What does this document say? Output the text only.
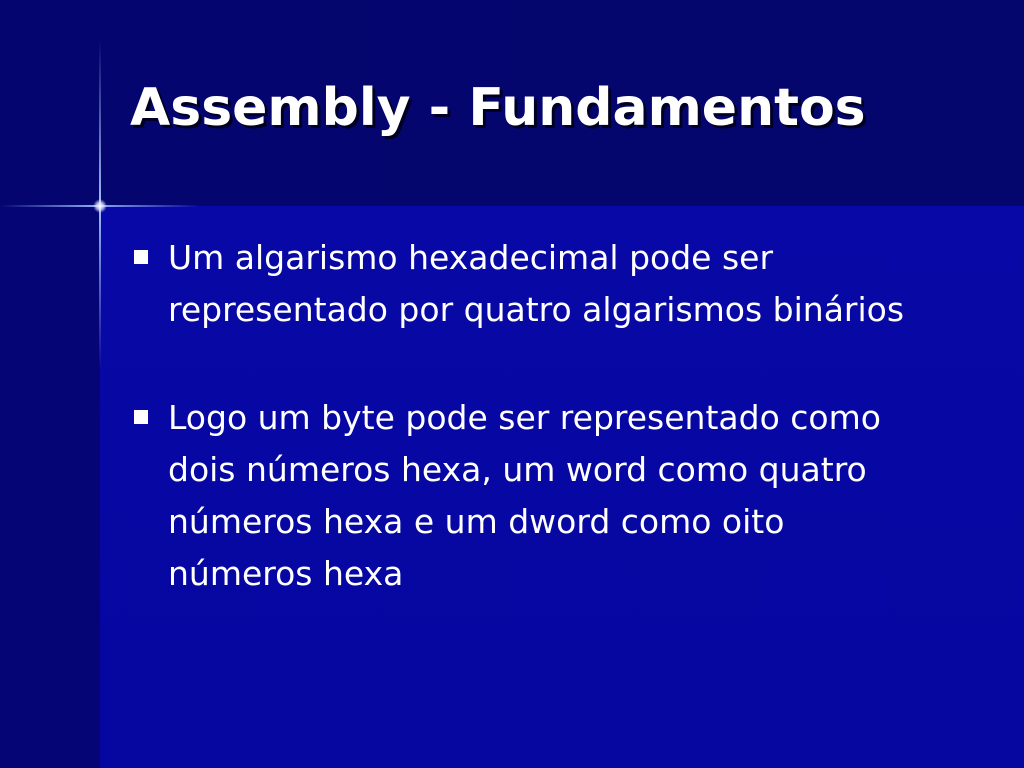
Assembly - Fundamentos
Um algarismo hexadecimal pode ser representado por quatro algarismos binários
Logo um byte pode ser representado como dois números hexa, um word como quatro números hexa e um dword como oito números hexa
